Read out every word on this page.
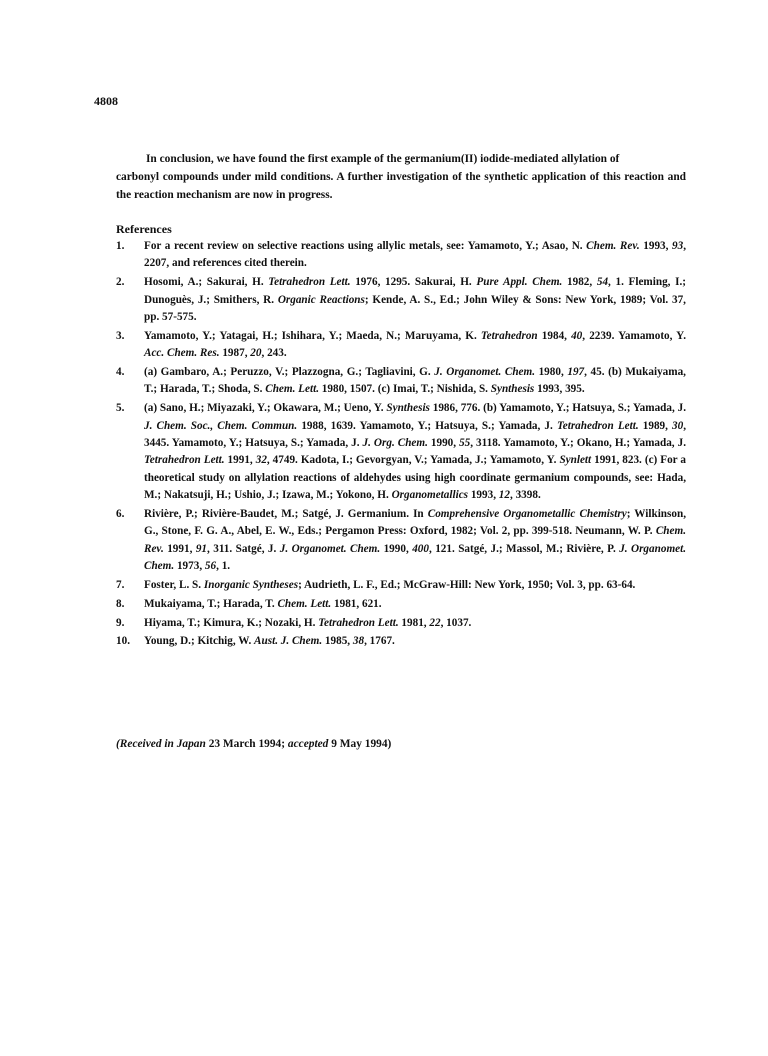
4808
In conclusion, we have found the first example of the germanium(II) iodide-mediated allylation of
carbonyl compounds under mild conditions. A further investigation of the synthetic application of this reaction and the reaction mechanism are now in progress.
References
1.	For a recent review on selective reactions using allylic metals, see: Yamamoto, Y.; Asao, N. Chem. Rev. 1993, 93, 2207, and references cited therein.
2.	Hosomi, A.; Sakurai, H. Tetrahedron Lett. 1976, 1295. Sakurai, H. Pure Appl. Chem. 1982, 54, 1. Fleming, I.; Dunoguès, J.; Smithers, R. Organic Reactions; Kende, A. S., Ed.; John Wiley & Sons: New York, 1989; Vol. 37, pp. 57-575.
3.	Yamamoto, Y.; Yatagai, H.; Ishihara, Y.; Maeda, N.; Maruyama, K. Tetrahedron 1984, 40, 2239. Yamamoto, Y. Acc. Chem. Res. 1987, 20, 243.
4.	(a) Gambaro, A.; Peruzzo, V.; Plazzogna, G.; Tagliavini, G. J. Organomet. Chem. 1980, 197, 45. (b) Mukaiyama, T.; Harada, T.; Shoda, S. Chem. Lett. 1980, 1507. (c) Imai, T.; Nishida, S. Synthesis 1993, 395.
5.	(a) Sano, H.; Miyazaki, Y.; Okawara, M.; Ueno, Y. Synthesis 1986, 776. (b) Yamamoto, Y.; Hatsuya, S.; Yamada, J. J. Chem. Soc., Chem. Commun. 1988, 1639. Yamamoto, Y.; Hatsuya, S.; Yamada, J. Tetrahedron Lett. 1989, 30, 3445. Yamamoto, Y.; Hatsuya, S.; Yamada, J. J. Org. Chem. 1990, 55, 3118. Yamamoto, Y.; Okano, H.; Yamada, J. Tetrahedron Lett. 1991, 32, 4749. Kadota, I.; Gevorgyan, V.; Yamada, J.; Yamamoto, Y. Synlett 1991, 823. (c) For a theoretical study on allylation reactions of aldehydes using high coordinate germanium compounds, see: Hada, M.; Nakatsuji, H.; Ushio, J.; Izawa, M.; Yokono, H. Organometallics 1993, 12, 3398.
6.	Rivière, P.; Rivière-Baudet, M.; Satgé, J. Germanium. In Comprehensive Organometallic Chemistry; Wilkinson, G., Stone, F. G. A., Abel, E. W., Eds.; Pergamon Press: Oxford, 1982; Vol. 2, pp. 399-518. Neumann, W. P. Chem. Rev. 1991, 91, 311. Satgé, J. J. Organomet. Chem. 1990, 400, 121. Satgé, J.; Massol, M.; Rivière, P. J. Organomet. Chem. 1973, 56, 1.
7.	Foster, L. S. Inorganic Syntheses; Audrieth, L. F., Ed.; McGraw-Hill: New York, 1950; Vol. 3, pp. 63-64.
8.	Mukaiyama, T.; Harada, T. Chem. Lett. 1981, 621.
9.	Hiyama, T.; Kimura, K.; Nozaki, H. Tetrahedron Lett. 1981, 22, 1037.
10.	Young, D.; Kitchig, W. Aust. J. Chem. 1985, 38, 1767.
(Received in Japan 23 March 1994; accepted 9 May 1994)
